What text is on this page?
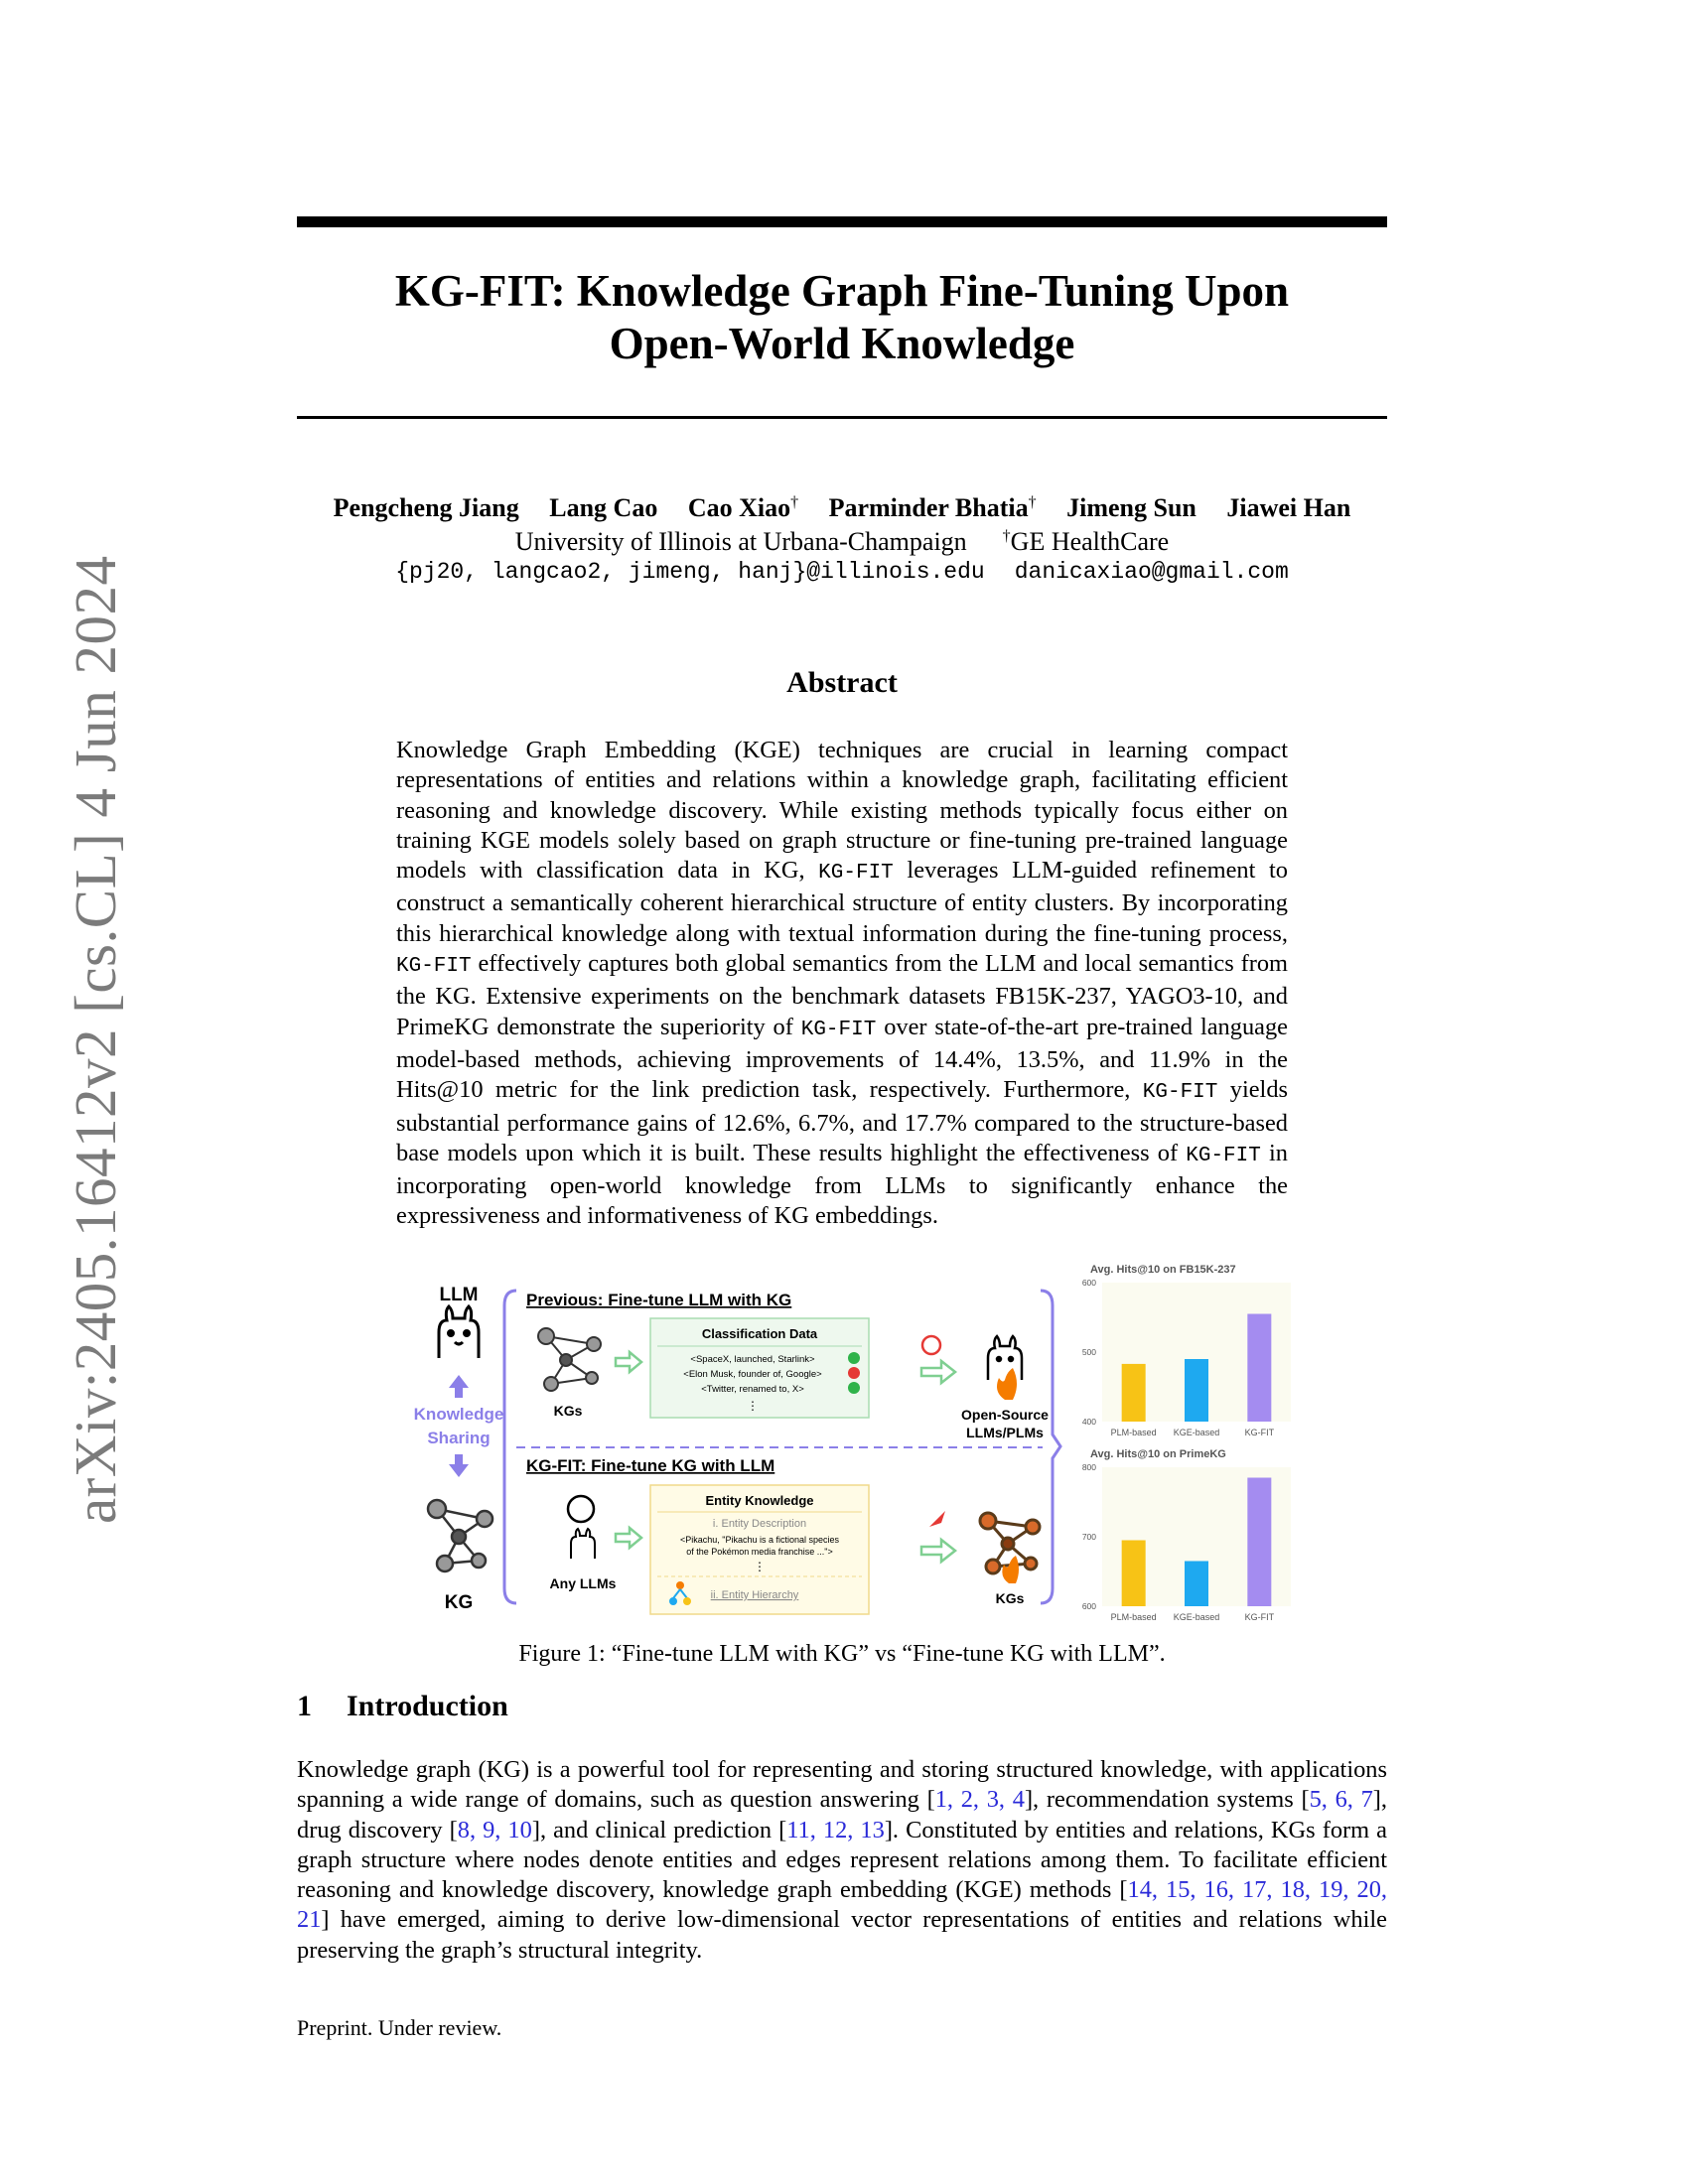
arXiv:2405.16412v2 [cs.CL] 4 Jun 2024
KG-FIT: Knowledge Graph Fine-Tuning Upon
Open-World Knowledge
Pengcheng Jiang Lang Cao Cao Xiao† Parminder Bhatia† Jimeng Sun Jiawei Han
University of Illinois at Urbana-Champaign †GE HealthCare
{pj20, langcao2, jimeng, hanj}@illinois.edu danicaxiao@gmail.com
Abstract
Knowledge Graph Embedding (KGE) techniques are crucial in learning compact representations of entities and relations within a knowledge graph, facilitating efficient reasoning and knowledge discovery. While existing methods typically focus either on training KGE models solely based on graph structure or fine-tuning pre-trained language models with classification data in KG, KG-FIT leverages LLM-guided refinement to construct a semantically coherent hierarchical structure of entity clusters. By incorporating this hierarchical knowledge along with textual information during the fine-tuning process, KG-FIT effectively captures both global semantics from the LLM and local semantics from the KG. Extensive experiments on the benchmark datasets FB15K-237, YAGO3-10, and PrimeKG demonstrate the superiority of KG-FIT over state-of-the-art pre-trained language model-based methods, achieving improvements of 14.4%, 13.5%, and 11.9% in the Hits@10 metric for the link prediction task, respectively. Furthermore, KG-FIT yields substantial performance gains of 12.6%, 6.7%, and 17.7% compared to the structure-based base models upon which it is built. These results highlight the effectiveness of KG-FIT in incorporating open-world knowledge from LLMs to significantly enhance the expressiveness and informativeness of KG embeddings.
LLM
Knowledge
Sharing
KG
Previous: Fine-tune LLM with KG
KGs
Classification Data
<SpaceX, launched, Starlink>
<Elon Musk, founder of, Google>
<Twitter, renamed to, X>
⋮
Open-Source
LLMs/PLMs
KG-FIT: Fine-tune KG with LLM
Any LLMs
Entity Knowledge
i. Entity Description
<Pikachu, "Pikachu is a fictional species
of the Pokémon media franchise ...">
⋮
ii. Entity Hierarchy	KGs
Avg. Hits@10 on FB15K-237
400
500
600
PLM-based KGE-based	KG-FIT
Avg. Hits@10 on PrimeKG
600
700
800
PLM-based KGE-based	KG-FIT
Figure 1: “Fine-tune LLM with KG” vs “Fine-tune KG with LLM”.
1 Introduction
Knowledge graph (KG) is a powerful tool for representing and storing structured knowledge, with applications spanning a wide range of domains, such as question answering [1, 2, 3, 4], recommendation systems [5, 6, 7], drug discovery [8, 9, 10], and clinical prediction [11, 12, 13]. Constituted by entities and relations, KGs form a graph structure where nodes denote entities and edges represent relations among them. To facilitate efficient reasoning and knowledge discovery, knowledge graph embedding (KGE) methods [14, 15, 16, 17, 18, 19, 20, 21] have emerged, aiming to derive low-dimensional vector representations of entities and relations while preserving the graph’s structural integrity.
Preprint. Under review.
